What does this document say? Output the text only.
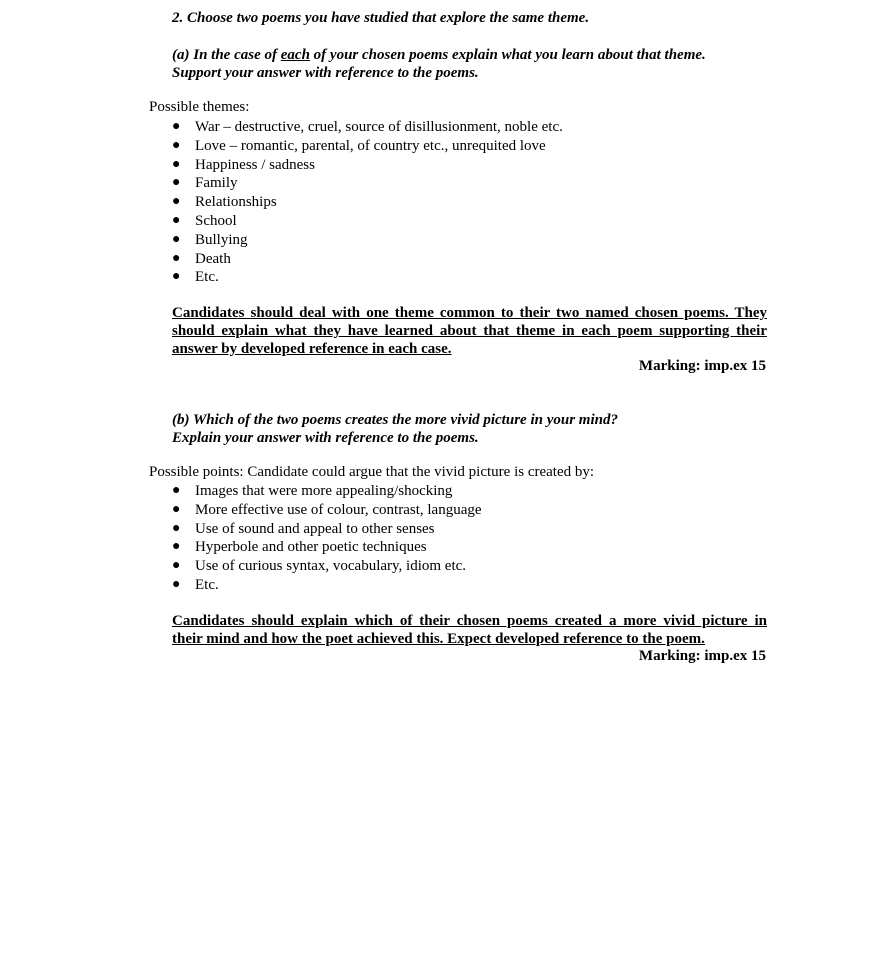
2. Choose two poems you have studied that explore the same theme.
(a) In the case of each of your chosen poems explain what you learn about that theme.
Support your answer with reference to the poems.
Possible themes:
● War – destructive, cruel, source of disillusionment, noble etc.
● Love – romantic, parental, of country etc., unrequited love
● Happiness / sadness
● Family
● Relationships
● School
● Bullying
● Death
● Etc.
Candidates should deal with one theme common to their two named chosen poems. They
should explain what they have learned about that theme in each poem supporting their
answer by developed reference in each case.
Marking: imp.ex 15
(b) Which of the two poems creates the more vivid picture in your mind?
Explain your answer with reference to the poems.
Possible points: Candidate could argue that the vivid picture is created by:
● Images that were more appealing/shocking
● More effective use of colour, contrast, language
● Use of sound and appeal to other senses
● Hyperbole and other poetic techniques
● Use of curious syntax, vocabulary, idiom etc.
● Etc.
Candidates should explain which of their chosen poems created a more vivid picture in
their mind and how the poet achieved this. Expect developed reference to the poem.
Marking: imp.ex 15
